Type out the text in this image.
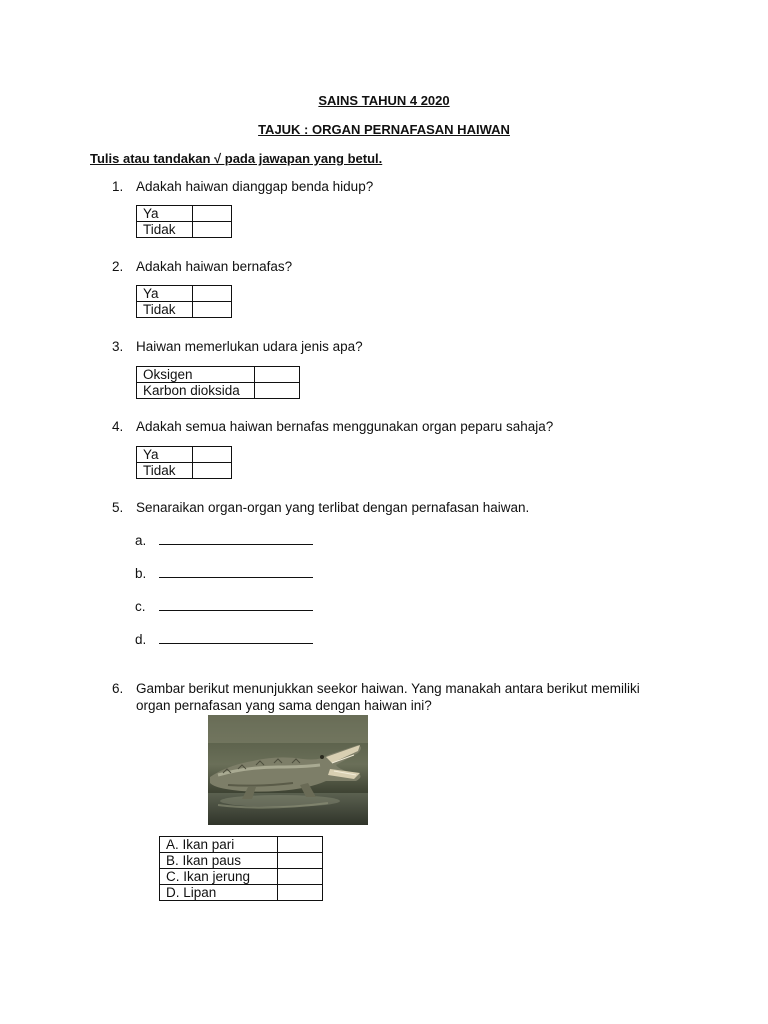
SAINS TAHUN 4 2020
TAJUK : ORGAN PERNAFASAN HAIWAN
Tulis atau tandakan √ pada jawapan yang betul.
1. Adakah haiwan dianggap benda hidup?
Ya	
Tidak	
2. Adakah haiwan bernafas?
Ya	
Tidak	
3. Haiwan memerlukan udara jenis apa?
Oksigen	
Karbon dioksida	
4. Adakah semua haiwan bernafas menggunakan organ peparu sahaja?
Ya	
Tidak	
5. Senaraikan organ-organ yang terlibat dengan pernafasan haiwan.
a.
b.
c.
d.
6. Gambar berikut menunjukkan seekor haiwan. Yang manakah antara berikut memiliki
organ pernafasan yang sama dengan haiwan ini?
A. Ikan pari	
B. Ikan paus	
C. Ikan jerung	
D. Lipan	
